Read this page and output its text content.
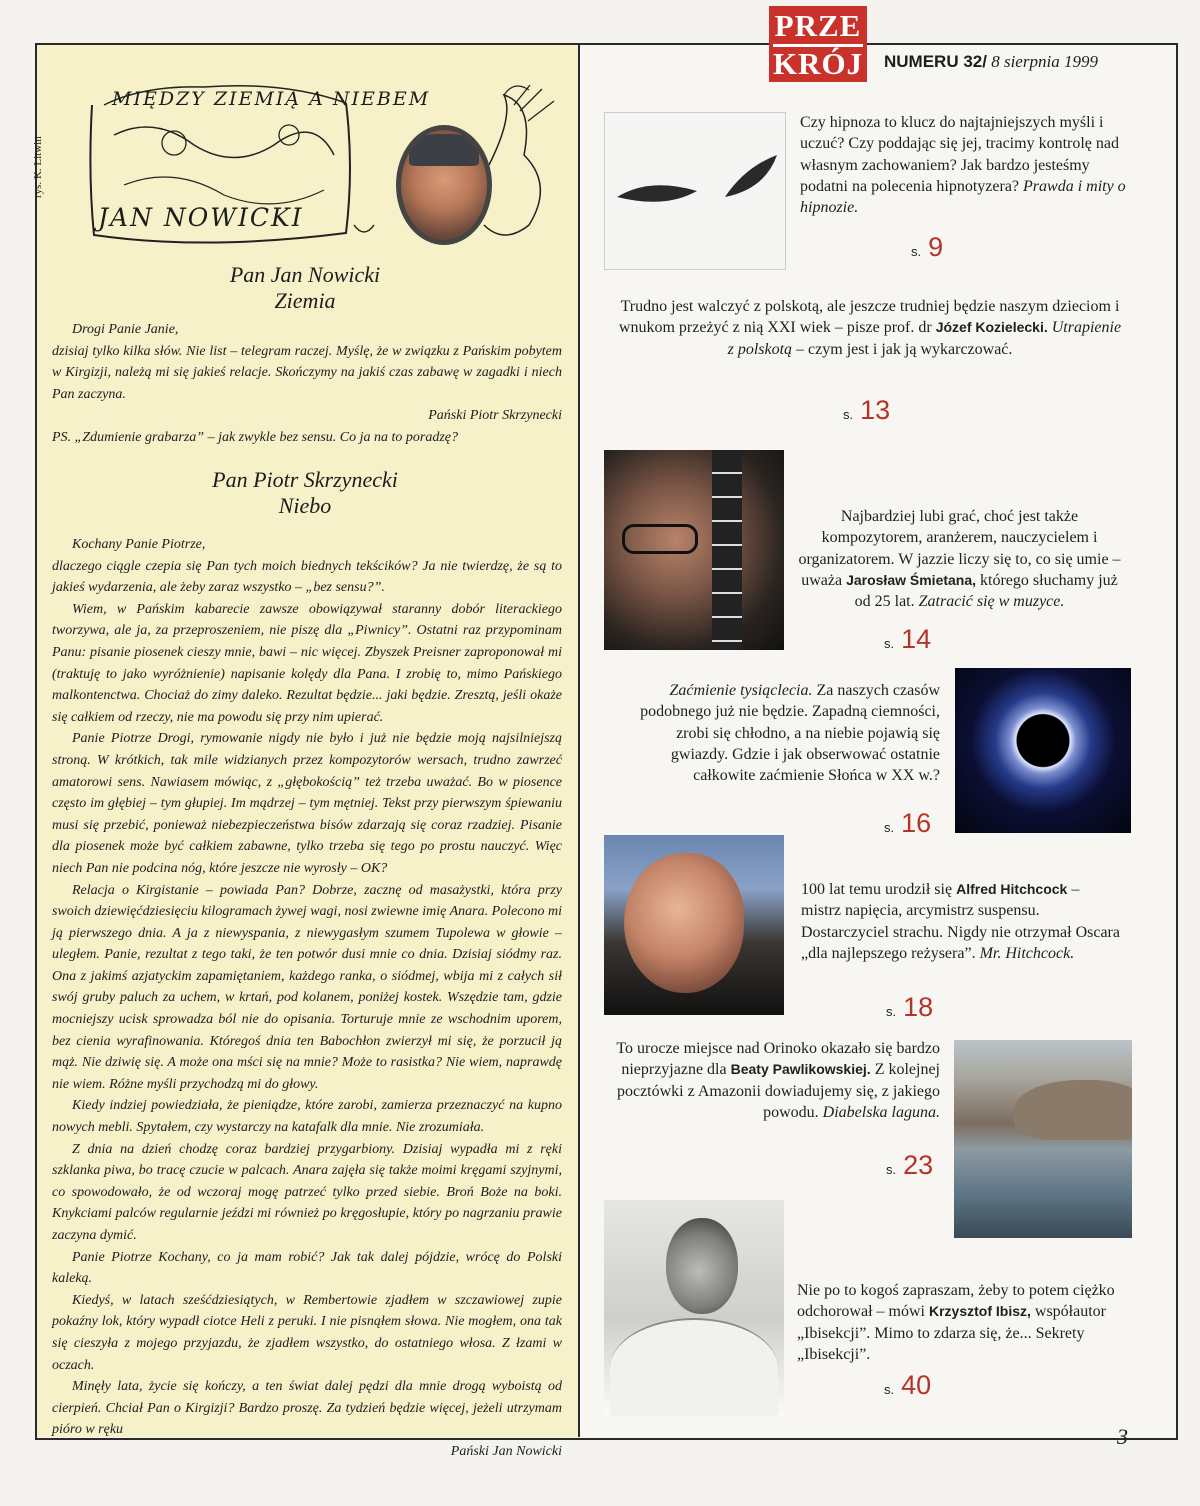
PRZE
KRÓJ NUMERU 32/ 8 sierpnia 1999
rys. K. Litwin
MIĘDZY ZIEMIĄ A NIEBEM
JAN NOWICKI
Pan Jan Nowicki
Ziemia

Drogi Panie Janie,

dzisiaj tylko kilka słów. Nie list – telegram raczej. Myślę, że w związku z Pańskim pobytem w Kirgizji, należą mi się jakieś relacje. Skończymy na jakiś czas zabawę w zagadki i niech Pan zaczyna.

Pański Piotr Skrzynecki

PS. „Zdumienie grabarza” – jak zwykle bez sensu. Co ja na to poradzę?

Pan Piotr Skrzynecki
Niebo

Kochany Panie Piotrze,

dlaczego ciągle czepia się Pan tych moich biednych tekścików? Ja nie twierdzę, że są to jakieś wydarzenia, ale żeby zaraz wszystko – „bez sensu?”.

Wiem, w Pańskim kabarecie zawsze obowiązywał staranny dobór literackiego tworzywa, ale ja, za przeproszeniem, nie piszę dla „Piwnicy”. Ostatni raz przypominam Panu: pisanie piosenek cieszy mnie, bawi – nic więcej. Zbyszek Preisner zaproponował mi (traktuję to jako wyróżnienie) napisanie kolędy dla Pana. I zrobię to, mimo Pańskiego malkontenctwa. Chociaż do zimy daleko. Rezultat będzie... jaki będzie. Zresztą, jeśli okaże się całkiem od rzeczy, nie ma powodu się przy nim upierać.

Panie Piotrze Drogi, rymowanie nigdy nie było i już nie będzie moją najsilniejszą stroną. W krótkich, tak mile widzianych przez kompozytorów wersach, trudno zawrzeć amatorowi sens. Nawiasem mówiąc, z „głębokością” też trzeba uważać. Bo w piosence często im głębiej – tym głupiej. Im mądrzej – tym mętniej. Tekst przy pierwszym śpiewaniu musi się przebić, ponieważ niebezpieczeństwa bisów zdarzają się coraz rzadziej. Pisanie dla piosenek może być całkiem zabawne, tylko trzeba się tego po prostu nauczyć. Więc niech Pan nie podcina nóg, które jeszcze nie wyrosły – OK?

Relacja o Kirgistanie – powiada Pan? Dobrze, zacznę od masażystki, która przy swoich dziewięćdziesięciu kilogramach żywej wagi, nosi zwiewne imię Anara. Polecono mi ją pierwszego dnia. A ja z niewyspania, z niewygasłym szumem Tupolewa w głowie – uległem. Panie, rezultat z tego taki, że ten potwór dusi mnie co dnia. Dzisiaj siódmy raz. Ona z jakimś azjatyckim zapamiętaniem, każdego ranka, o siódmej, wbija mi z całych sił swój gruby paluch za uchem, w krtań, pod kolanem, poniżej kostek. Wszędzie tam, gdzie mocniejszy ucisk sprowadza ból nie do opisania. Torturuje mnie ze wschodnim uporem, bez cienia wyrafinowania. Któregoś dnia ten Babochłon zwierzył mi się, że porzucił ją mąż. Nie dziwię się. A może ona mści się na mnie? Może to rasistka? Nie wiem, naprawdę nie wiem. Różne myśli przychodzą mi do głowy.

Kiedy indziej powiedziała, że pieniądze, które zarobi, zamierza przeznaczyć na kupno nowych mebli. Spytałem, czy wystarczy na katafalk dla mnie. Nie zrozumiała.

Z dnia na dzień chodzę coraz bardziej przygarbiony. Dzisiaj wypadła mi z ręki szklanka piwa, bo tracę czucie w palcach. Anara zajęła się także moimi kręgami szyjnymi, co spowodowało, że od wczoraj mogę patrzeć tylko przed siebie. Broń Boże na boki. Knykciami palców regularnie jeździ mi również po kręgosłupie, który po nagrzaniu prawie zaczyna dymić.

Panie Piotrze Kochany, co ja mam robić? Jak tak dalej pójdzie, wrócę do Polski kaleką.

Kiedyś, w latach sześćdziesiątych, w Rembertowie zjadłem w szczawiowej zupie pokaźny lok, który wypadł ciotce Heli z peruki. I nie pisnąłem słowa. Nie mogłem, ona tak się cieszyła z mojego przyjazdu, że zjadłem wszystko, do ostatniego włosa. Z łzami w oczach.

Minęły lata, życie się kończy, a ten świat dalej pędzi dla mnie drogą wyboistą od cierpień. Chciał Pan o Kirgizji? Bardzo proszę. Za tydzień będzie więcej, jeżeli utrzymam pióro w ręku

Pański Jan Nowicki

Czy hipnoza to klucz do najtajniejszych myśli i uczuć? Czy poddając się jej, tracimy kontrolę nad własnym zachowaniem? Jak bardzo jesteśmy podatni na polecenia hipnotyzera? Prawda i mity o hipnozie.
s. 9
Trudno jest walczyć z polskotą, ale jeszcze trudniej będzie naszym dzieciom i wnukom przeżyć z nią XXI wiek – pisze prof. dr Józef Kozielecki. Utrapienie z polskotą – czym jest i jak ją wykarczować.
s. 13
Najbardziej lubi grać, choć jest także kompozytorem, aranżerem, nauczycielem i organizatorem. W jazzie liczy się to, co się umie – uważa Jarosław Śmietana, którego słuchamy już od 25 lat. Zatracić się w muzyce.
s. 14
Zaćmienie tysiąclecia. Za naszych czasów podobnego już nie będzie. Zapadną ciemności, zrobi się chłodno, a na niebie pojawią się gwiazdy. Gdzie i jak obserwować ostatnie całkowite zaćmienie Słońca w XX w.?
s. 16
100 lat temu urodził się Alfred Hitchcock – mistrz napięcia, arcymistrz suspensu. Dostarczyciel strachu. Nigdy nie otrzymał Oscara „dla najlepszego reżysera”. Mr. Hitchcock.
s. 18
To urocze miejsce nad Orinoko okazało się bardzo nieprzyjazne dla Beaty Pawlikowskiej. Z kolejnej pocztówki z Amazonii dowiadujemy się, z jakiego powodu. Diabelska laguna.
s. 23
Nie po to kogoś zapraszam, żeby to potem ciężko odchorował – mówi Krzysztof Ibisz, współautor „Ibisekcji”. Mimo to zdarza się, że... Sekrety „Ibisekcji”.
s. 40
3
